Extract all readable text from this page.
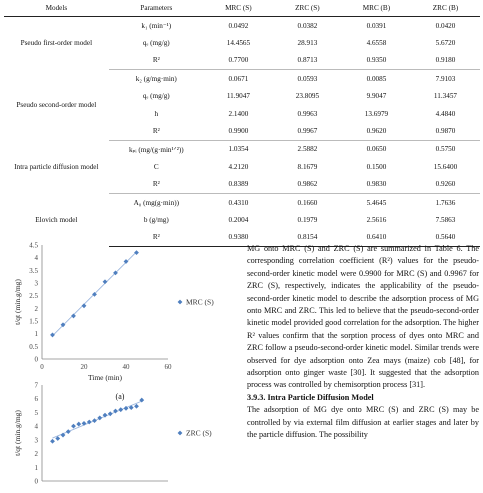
Models	Parameters	MRC (S)	ZRC (S)	MRC (B)	ZRC (B)
Pseudo first-order model	k₁ (min⁻¹)	0.0492	0.0382	0.0391	0.0420
	qₑ (mg/g)	14.4565	28.913	4.6558	5.6720
	R²	0.7700	0.8713	0.9350	0.9180
Pseudo second-order model	k₂ (g/mg·min)	0.0671	0.0593	0.0085	7.9103
	qₑ (mg/g)	11.9047	23.8095	9.9047	11.3457
	h	2.1400	0.9963	13.6979	4.4840
	R²	0.9900	0.9967	0.9620	0.9870
Intra particle diffusion model	kₚᵢ (mg/(g·min¹ᐟ²))	1.0354	2.5882	0.0650	0.5750
	C	4.2120	8.1679	0.1500	15.6400
	R²	0.8389	0.9862	0.9830	0.9260
Elovich model	A₀ (mg(g·min))	0.4310	0.1660	5.4645	1.7636
	b (g/mg)	0.2004	0.1979	2.5616	7.5863
	R²	0.9380	0.8154	0.6410	0.5640
0
0.5
1
1.5
2
2.5
3
3.5
4
4.5
0	20	40	60
Time (min)
t/qt (min.g/mg)	MRC (S)
(a)
0
1
2
3
4
5
6
7
t/qt (min.g/mg)	ZRC (S)

MG onto MRC (S) and ZRC (S) are summarized in Table 6. The corresponding correlation coefficient (R²) values for the pseudo-second-order kinetic model were 0.9900 for MRC (S) and 0.9967 for ZRC (S), respectively, indicates the applicability of the pseudo-second-order kinetic model to describe the adsorption process of MG onto MRC and ZRC. This led to believe that the pseudo-second-order kinetic model provided good correlation for the adsorption. The higher R² values confirm that the sorption process of dyes onto MRC and ZRC follow a pseudo-second-order kinetic model. Similar trends were observed for dye adsorption onto Zea mays (maize) cob [48], for adsorption onto ginger waste [30]. It suggested that the adsorption process was controlled by chemisorption process [31].

3.9.3. Intra Particle Diffusion Model

The adsorption of MG dye onto MRC (S) and ZRC (S) may be controlled by via external film diffusion at earlier stages and later by the particle diffusion. The possibility
